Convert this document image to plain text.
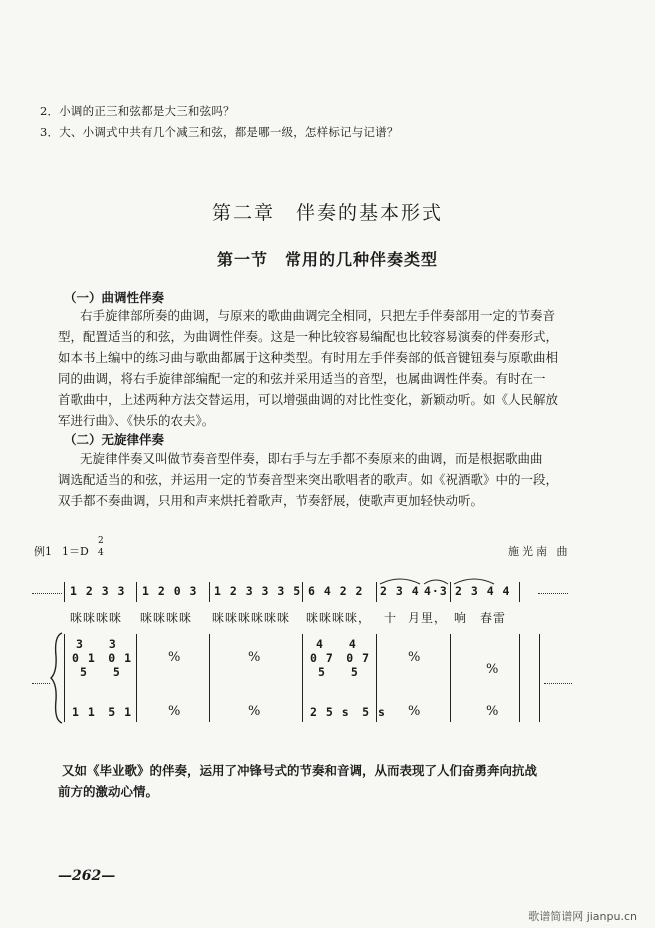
2．小调的正三和弦都是大三和弦吗？
3．大、小调式中共有几个减三和弦，都是哪一级，怎样标记与记谱？
第二章　伴奏的基本形式
第一节　常用的几种伴奏类型
（一）曲调性伴奏
右手旋律部所奏的曲调，与原来的歌曲曲调完全相同，只把左手伴奏部用一定的节奏音
型，配置适当的和弦，为曲调性伴奏。这是一种比较容易编配也比较容易演奏的伴奏形式，
如本书上编中的练习曲与歌曲都属于这种类型。有时用左手伴奏部的低音键钮奏与原歌曲相
同的曲调，将右手旋律部编配一定的和弦并采用适当的音型，也属曲调性伴奏。有时在一
首歌曲中，上述两种方法交替运用，可以增强曲调的对比性变化，新颖动听。如《人民解放
军进行曲》、《快乐的农夫》。
（二）无旋律伴奏
无旋律伴奏又叫做节奏音型伴奏，即右手与左手都不奏原来的曲调，而是根据歌曲曲
调选配适当的和弦，并运用一定的节奏音型来突出歌唱者的歌声。如《祝酒歌》中的一段，
双手都不奏曲调，只用和声来烘托着歌声，节奏舒展，使歌声更加轻快动听。
例1 1＝D
2
4	施光南 曲
1 2 3 3 1 2 0 3 1 2 3 3 3 5 6 4 2 2 2 3 4 4·3 2 3 4 4
咪咪咪咪 咪咪咪咪 咪咪咪咪咪咪 咪咪咪咪， 十 月里， 响　春雷
3　　3
0 1　0 1
5　　5
1 1　5 1
4　　4
0 7　0 7
5　　5
2 5 s　5 s
%
%
%
%
%
%
%
%
又如《毕业歌》的伴奏，运用了冲锋号式的节奏和音调，从而表现了人们奋勇奔向抗战
前方的激动心情。
—262—
歌谱简谱网 jianpu.cn
